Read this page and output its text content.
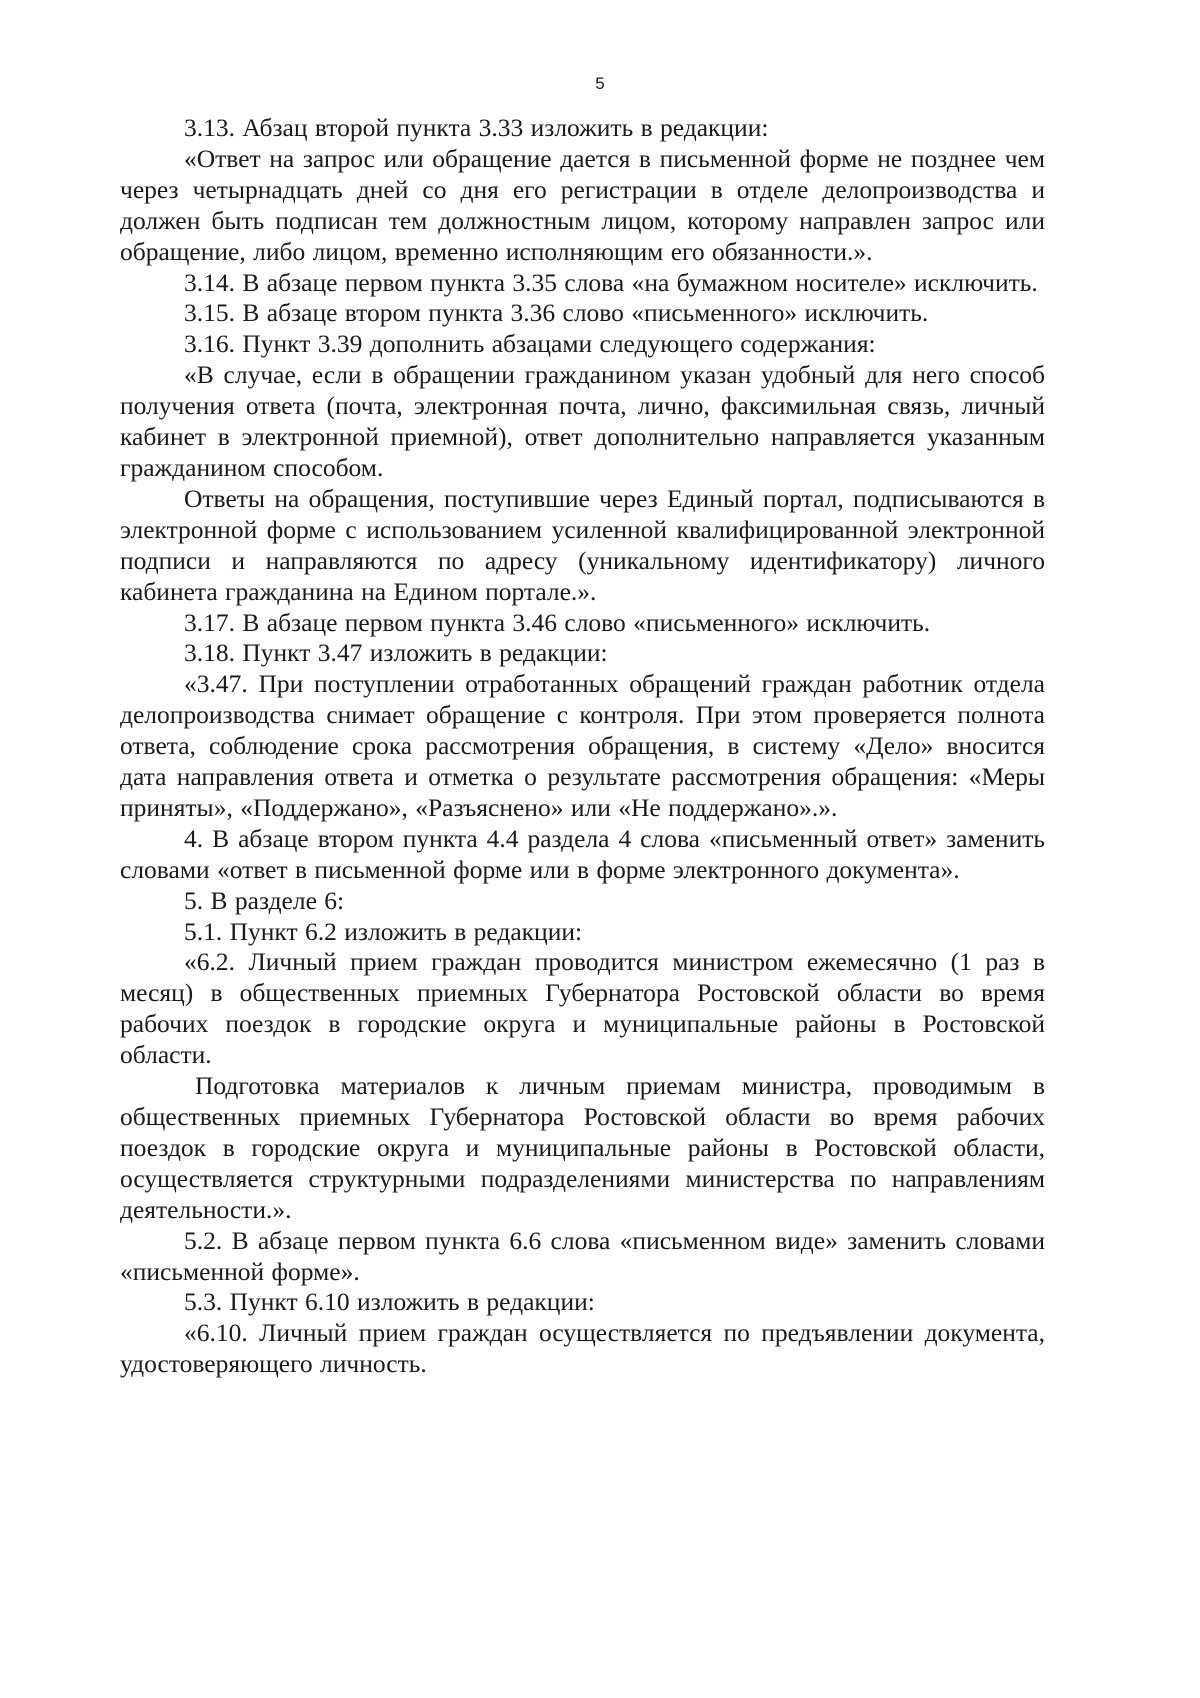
5

3.13. Абзац второй пункта 3.33 изложить в редакции:

«Ответ на запрос или обращение дается в письменной форме не позднее чем через четырнадцать дней со дня его регистрации в отделе делопроизводства и должен быть подписан тем должностным лицом, которому направлен запрос или обращение, либо лицом, временно исполняющим его обязанности.».

3.14. В абзаце первом пункта 3.35 слова «на бумажном носителе» исключить.

3.15. В абзаце втором пункта 3.36 слово «письменного» исключить.

3.16. Пункт 3.39 дополнить абзацами следующего содержания:

«В случае, если в обращении гражданином указан удобный для него способ получения ответа (почта, электронная почта, лично, факсимильная связь, личный кабинет в электронной приемной), ответ дополнительно направляется указанным гражданином способом.

Ответы на обращения, поступившие через Единый портал, подписываются в электронной форме с использованием усиленной квалифицированной электронной подписи и направляются по адресу (уникальному идентификатору) личного кабинета гражданина на Едином портале.».

3.17. В абзаце первом пункта 3.46 слово «письменного» исключить.

3.18. Пункт 3.47 изложить в редакции:

«3.47. При поступлении отработанных обращений граждан работник отдела делопроизводства снимает обращение с контроля. При этом проверяется полнота ответа, соблюдение срока рассмотрения обращения, в систему «Дело» вносится дата направления ответа и отметка о результате рассмотрения обращения: «Меры приняты», «Поддержано», «Разъяснено» или «Не поддержано».».

4. В абзаце втором пункта 4.4 раздела 4 слова «письменный ответ» заменить словами «ответ в письменной форме или в форме электронного документа».

5. В разделе 6:

5.1. Пункт 6.2 изложить в редакции:

«6.2. Личный прием граждан проводится министром ежемесячно (1 раз в месяц) в общественных приемных Губернатора Ростовской области во время рабочих поездок в городские округа и муниципальные районы в Ростовской области.

Подготовка материалов к личным приемам министра, проводимым в общественных приемных Губернатора Ростовской области во время рабочих поездок в городские округа и муниципальные районы в Ростовской области, осуществляется структурными подразделениями министерства по направлениям деятельности.».

5.2. В абзаце первом пункта 6.6 слова «письменном виде» заменить словами «письменной форме».

5.3. Пункт 6.10 изложить в редакции:

«6.10. Личный прием граждан осуществляется по предъявлении документа, удостоверяющего личность.
